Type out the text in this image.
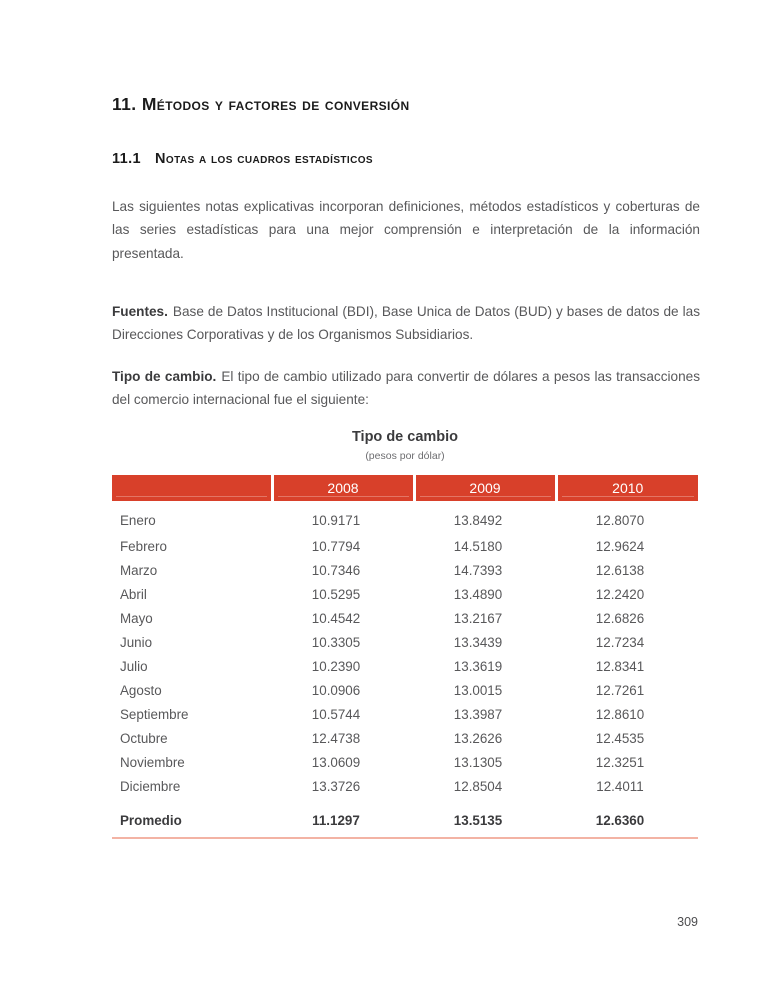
11. Métodos y factores de conversión
11.1 Notas a los cuadros estadísticos

Las siguientes notas explicativas incorporan definiciones, métodos estadísticos y coberturas de las series estadísticas para una mejor comprensión e interpretación de la información presentada.

Fuentes. Base de Datos Institucional (BDI), Base Unica de Datos (BUD) y bases de datos de las Direcciones Corporativas y de los Organismos Subsidiarios.

Tipo de cambio. El tipo de cambio utilizado para convertir de dólares a pesos las transacciones del comercio internacional fue el siguiente:

Tipo de cambio
(pesos por dólar)
	2008	2009	2010
Enero	10.9171	13.8492	12.8070
Febrero	10.7794	14.5180	12.9624
Marzo	10.7346	14.7393	12.6138
Abril	10.5295	13.4890	12.2420
Mayo	10.4542	13.2167	12.6826
Junio	10.3305	13.3439	12.7234
Julio	10.2390	13.3619	12.8341
Agosto	10.0906	13.0015	12.7261
Septiembre	10.5744	13.3987	12.8610
Octubre	12.4738	13.2626	12.4535
Noviembre	13.0609	13.1305	12.3251
Diciembre	13.3726	12.8504	12.4011
Promedio	11.1297	13.5135	12.6360
309
